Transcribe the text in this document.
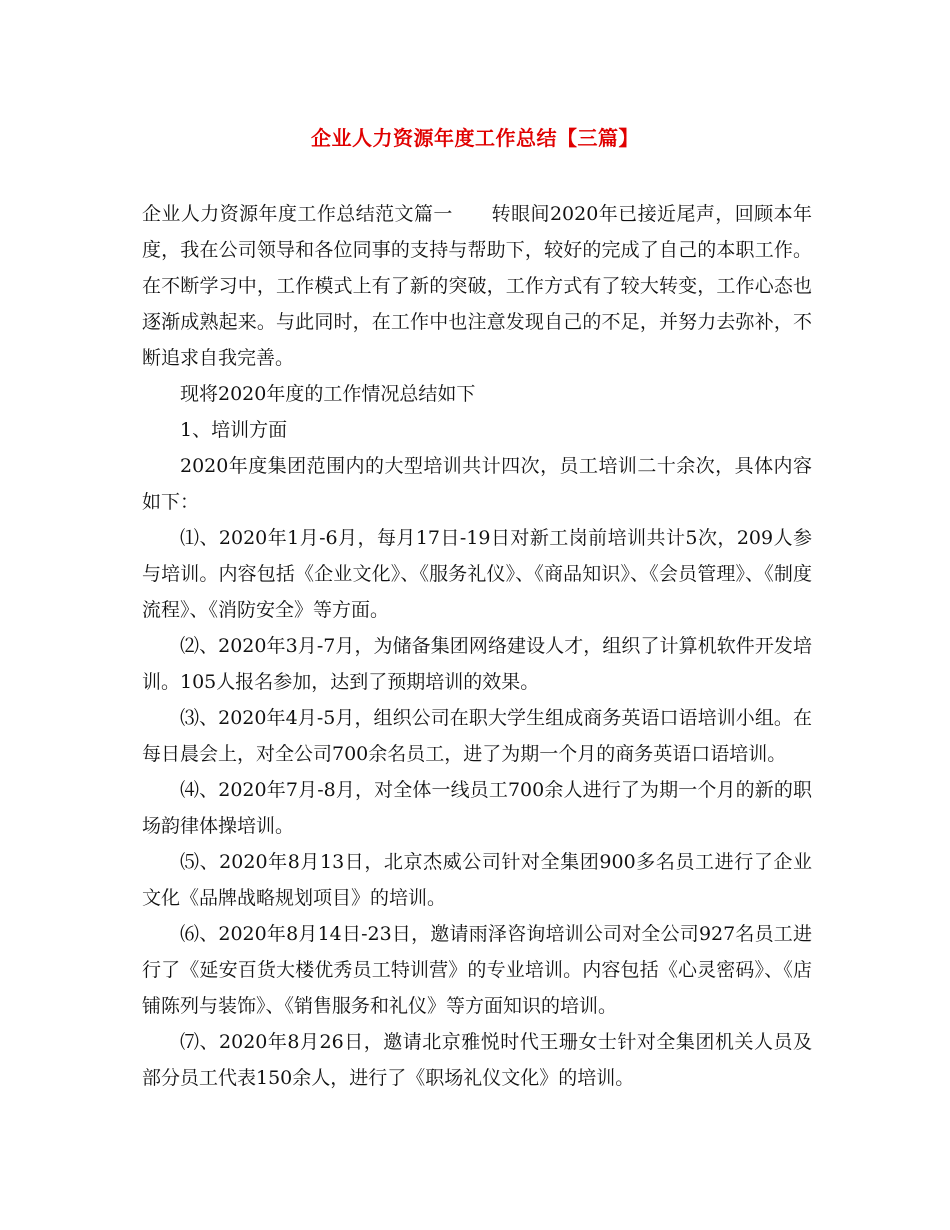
企业人力资源年度工作总结【三篇】

企业人力资源年度工作总结范文篇一　　转眼间2020年已接近尾声，回顾本年度，我在公司领导和各位同事的支持与帮助下，较好的完成了自己的本职工作。在不断学习中，工作模式上有了新的突破，工作方式有了较大转变，工作心态也逐渐成熟起来。与此同时，在工作中也注意发现自己的不足，并努力去弥补，不断追求自我完善。

现将2020年度的工作情况总结如下

1、培训方面

2020年度集团范围内的大型培训共计四次，员工培训二十余次，具体内容如下：

⑴、2020年1月-6月，每月17日-19日对新工岗前培训共计5次，209人参与培训。内容包括《企业文化》、《服务礼仪》、《商品知识》、《会员管理》、《制度流程》、《消防安全》等方面。

⑵、2020年3月-7月，为储备集团网络建设人才，组织了计算机软件开发培训。105人报名参加，达到了预期培训的效果。

⑶、2020年4月-5月，组织公司在职大学生组成商务英语口语培训小组。在每日晨会上，对全公司700余名员工，进了为期一个月的商务英语口语培训。

⑷、2020年7月-8月，对全体一线员工700余人进行了为期一个月的新的职场韵律体操培训。

⑸、2020年8月13日，北京杰威公司针对全集团900多名员工进行了企业文化《品牌战略规划项目》的培训。

⑹、2020年8月14日-23日，邀请雨泽咨询培训公司对全公司927名员工进行了《延安百货大楼优秀员工特训营》的专业培训。内容包括《心灵密码》、《店铺陈列与装饰》、《销售服务和礼仪》等方面知识的培训。

⑺、2020年8月26日，邀请北京雅悦时代王珊女士针对全集团机关人员及部分员工代表150余人，进行了《职场礼仪文化》的培训。
